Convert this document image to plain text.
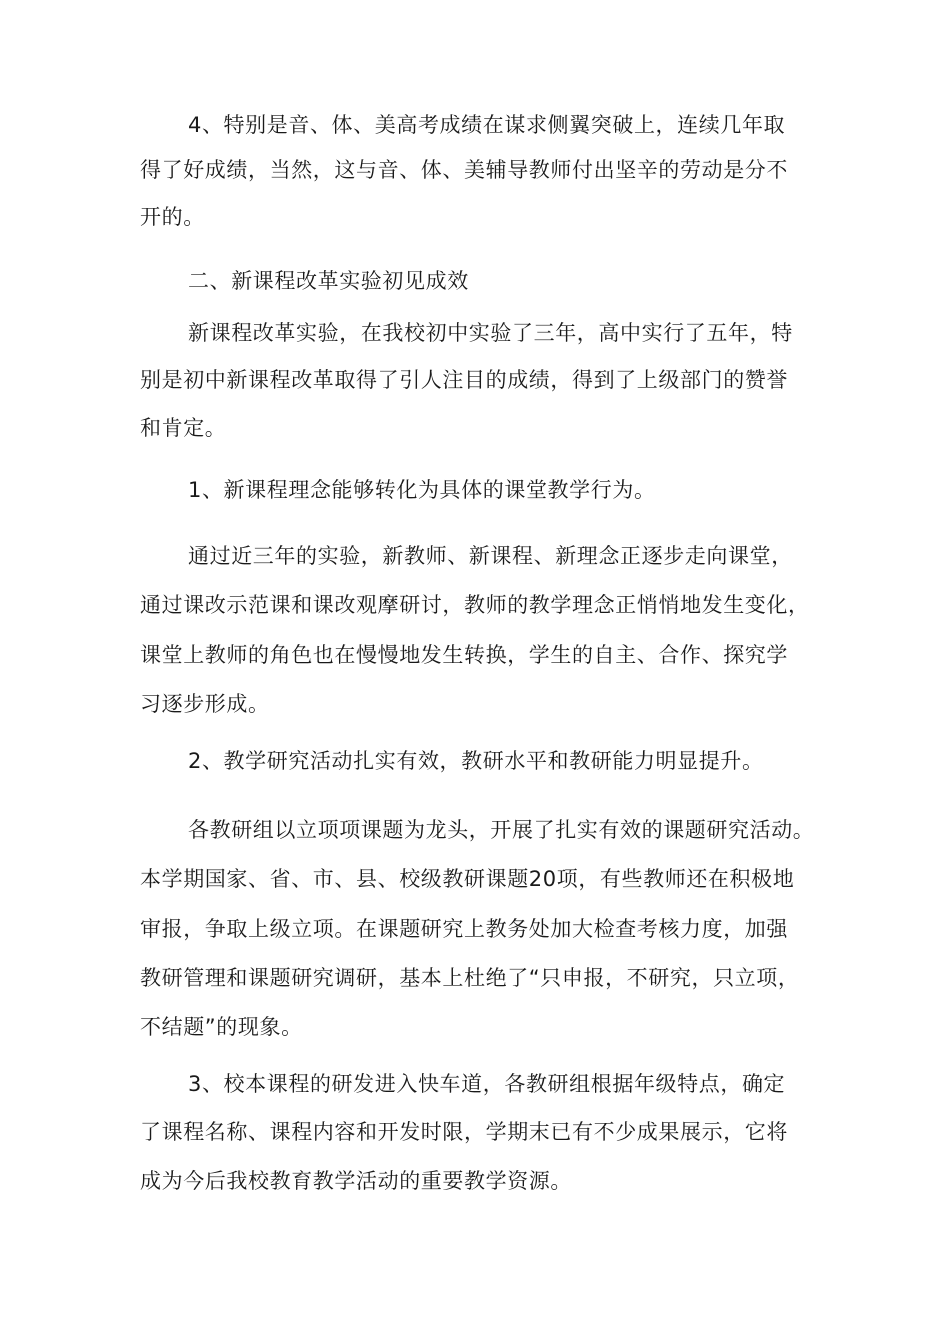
4、特别是音、体、美高考成绩在谋求侧翼突破上，连续几年取
得了好成绩，当然，这与音、体、美辅导教师付出坚辛的劳动是分不
开的。
二、新课程改革实验初见成效
新课程改革实验，在我校初中实验了三年，高中实行了五年，特
别是初中新课程改革取得了引人注目的成绩，得到了上级部门的赞誉
和肯定。
1、新课程理念能够转化为具体的课堂教学行为。
通过近三年的实验，新教师、新课程、新理念正逐步走向课堂，
通过课改示范课和课改观摩研讨，教师的教学理念正悄悄地发生变化，
课堂上教师的角色也在慢慢地发生转换，学生的自主、合作、探究学
习逐步形成。
2、教学研究活动扎实有效，教研水平和教研能力明显提升。
各教研组以立项项课题为龙头，开展了扎实有效的课题研究活动。
本学期国家、省、市、县、校级教研课题20项，有些教师还在积极地
审报，争取上级立项。在课题研究上教务处加大检查考核力度，加强
教研管理和课题研究调研，基本上杜绝了“只申报，不研究，只立项，
不结题”的现象。
3、校本课程的研发进入快车道，各教研组根据年级特点，确定
了课程名称、课程内容和开发时限，学期末已有不少成果展示，它将
成为今后我校教育教学活动的重要教学资源。
